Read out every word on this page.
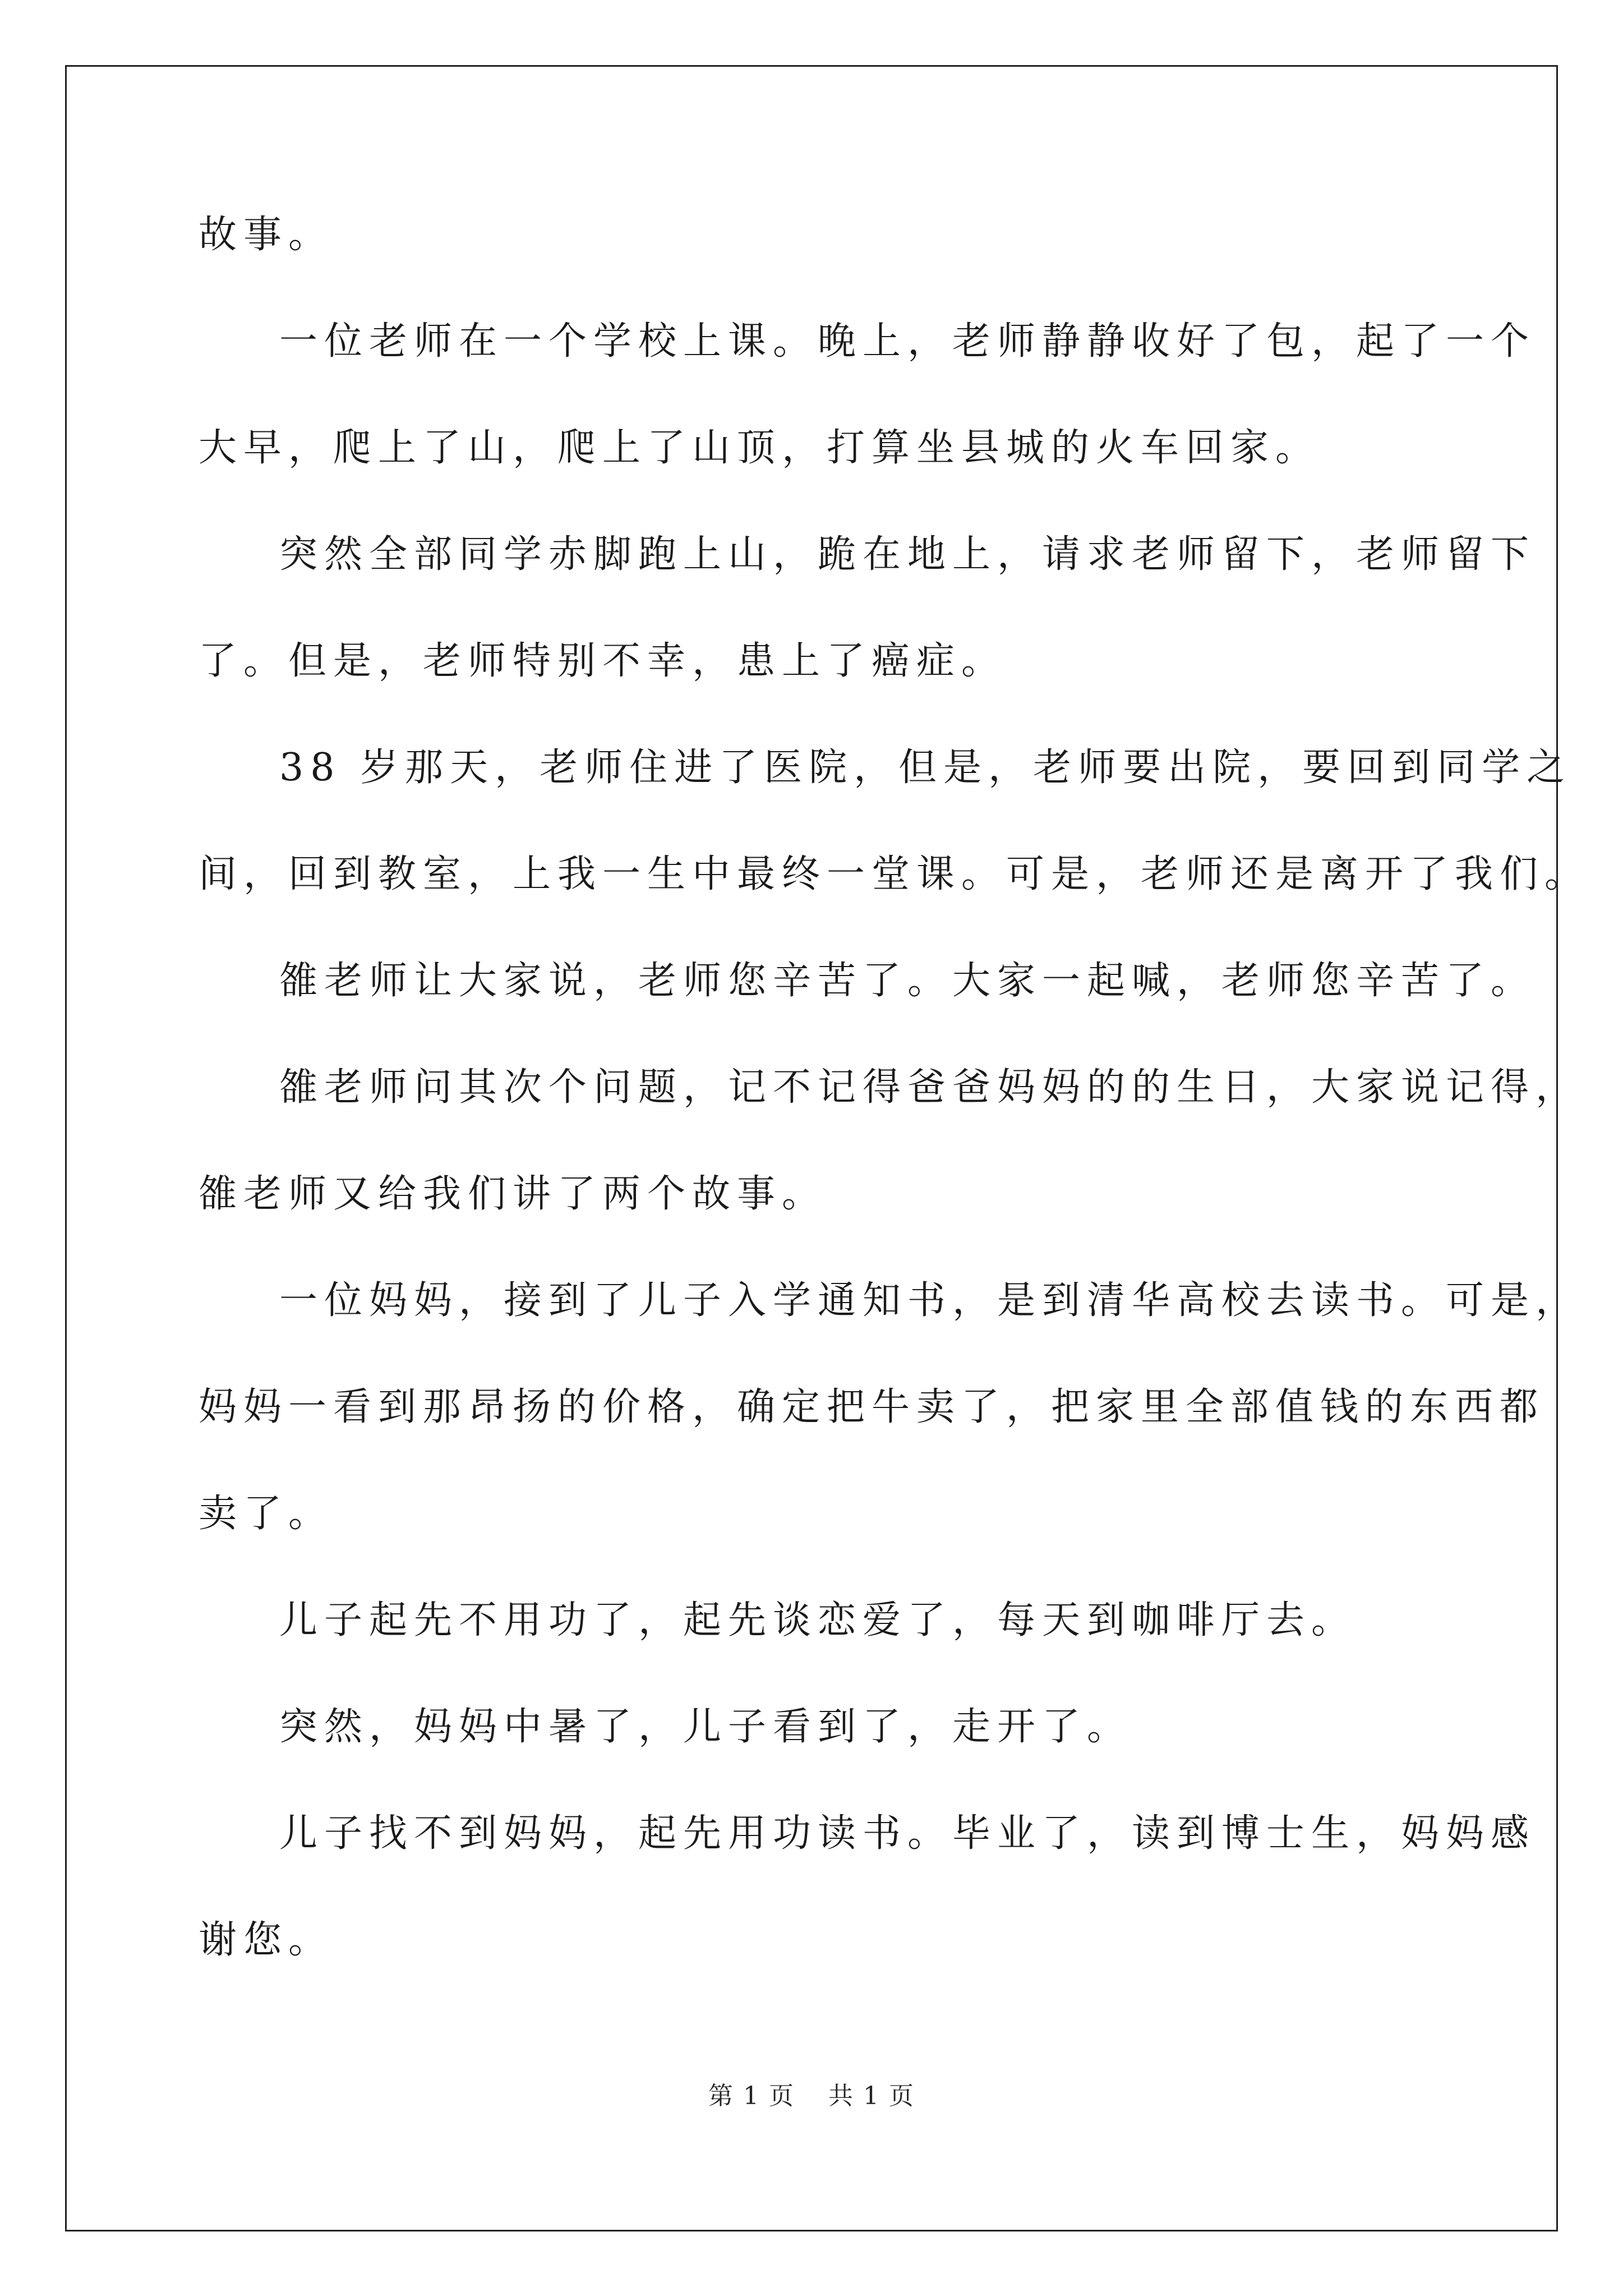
故事。

一位老师在一个学校上课。晚上，老师静静收好了包，起了一个

大早，爬上了山，爬上了山顶，打算坐县城的火车回家。

突然全部同学赤脚跑上山，跪在地上，请求老师留下，老师留下

了。但是，老师特别不幸，患上了癌症。

38 岁那天，老师住进了医院，但是，老师要出院，要回到同学之

间，回到教室，上我一生中最终一堂课。可是，老师还是离开了我们。

雒老师让大家说，老师您辛苦了。大家一起喊，老师您辛苦了。

雒老师问其次个问题，记不记得爸爸妈妈的的生日，大家说记得，

雒老师又给我们讲了两个故事。

一位妈妈，接到了儿子入学通知书，是到清华高校去读书。可是，

妈妈一看到那昂扬的价格，确定把牛卖了，把家里全部值钱的东西都

卖了。

儿子起先不用功了，起先谈恋爱了，每天到咖啡厅去。

突然，妈妈中暑了，儿子看到了，走开了。

儿子找不到妈妈，起先用功读书。毕业了，读到博士生，妈妈感

谢您。

第 1 页 共 1 页
